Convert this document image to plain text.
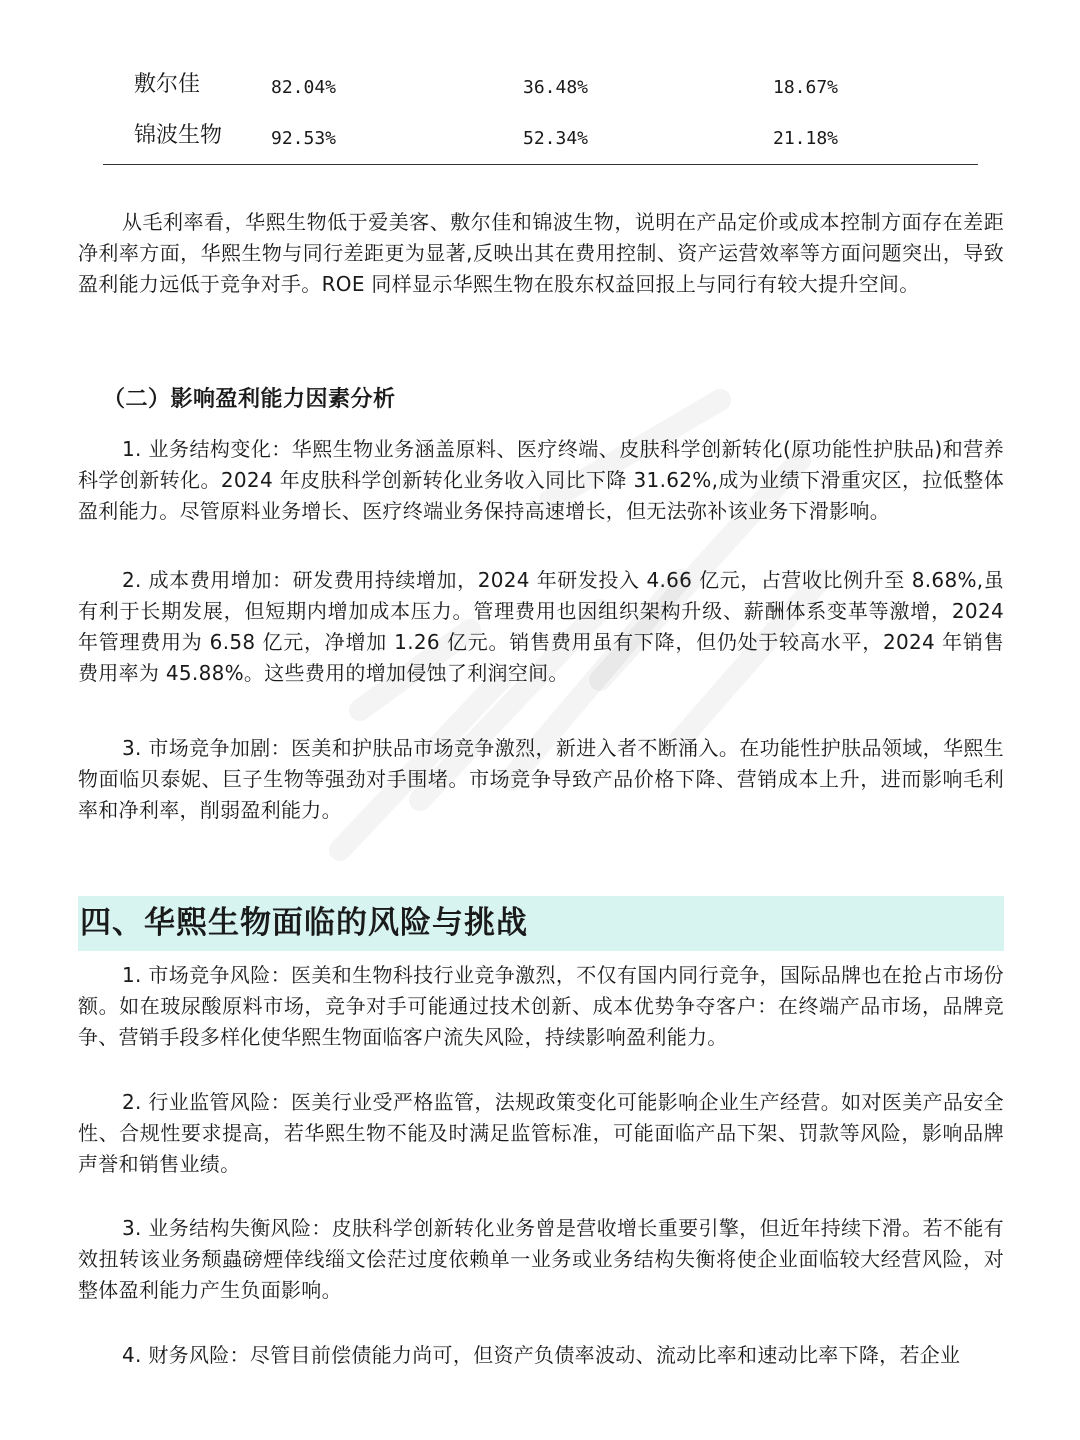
敷尔佳	82.04%	36.48%	18.67%
锦波生物	92.53%	52.34%	21.18%

从毛利率看，华熙生物低于爱美客、敷尔佳和锦波生物，说明在产品定价或成本控制方面存在差距净利率方面，华熙生物与同行差距更为显著,反映出其在费用控制、资产运营效率等方面问题突出，导致盈利能力远低于竞争对手。ROE 同样显示华熙生物在股东权益回报上与同行有较大提升空间。

（二）影响盈利能力因素分析

1. 业务结构变化：华熙生物业务涵盖原料、医疗终端、皮肤科学创新转化(原功能性护肤品)和营养科学创新转化。2024 年皮肤科学创新转化业务收入同比下降 31.62%,成为业绩下滑重灾区，拉低整体盈利能力。尽管原料业务增长、医疗终端业务保持高速增长，但无法弥补该业务下滑影响。

2. 成本费用增加：研发费用持续增加，2024 年研发投入 4.66 亿元，占营收比例升至 8.68%,虽有利于长期发展，但短期内增加成本压力。管理费用也因组织架构升级、薪酬体系变革等激增，2024 年管理费用为 6.58 亿元，净增加 1.26 亿元。销售费用虽有下降，但仍处于较高水平，2024 年销售费用率为 45.88%。这些费用的增加侵蚀了利润空间。

3. 市场竞争加剧：医美和护肤品市场竞争激烈，新进入者不断涌入。在功能性护肤品领域，华熙生物面临贝泰妮、巨子生物等强劲对手围堵。市场竞争导致产品价格下降、营销成本上升，进而影响毛利率和净利率，削弱盈利能力。

四、华熙生物面临的风险与挑战

1. 市场竞争风险：医美和生物科技行业竞争激烈，不仅有国内同行竞争，国际品牌也在抢占市场份额。如在玻尿酸原料市场，竞争对手可能通过技术创新、成本优势争夺客户：在终端产品市场，品牌竞争、营销手段多样化使华熙生物面临客户流失风险，持续影响盈利能力。

2. 行业监管风险：医美行业受严格监管，法规政策变化可能影响企业生产经营。如对医美产品安全性、合规性要求提高，若华熙生物不能及时满足监管标准，可能面临产品下架、罚款等风险，影响品牌声誉和销售业绩。

3. 业务结构失衡风险：皮肤科学创新转化业务曾是营收增长重要引擎，但近年持续下滑。若不能有效扭转该业务颓蟲磅煙倖线缁文侩茫过度依赖单一业务或业务结构失衡将使企业面临较大经营风险，对整体盈利能力产生负面影响。

4. 财务风险：尽管目前偿债能力尚可，但资产负债率波动、流动比率和速动比率下降，若企业
